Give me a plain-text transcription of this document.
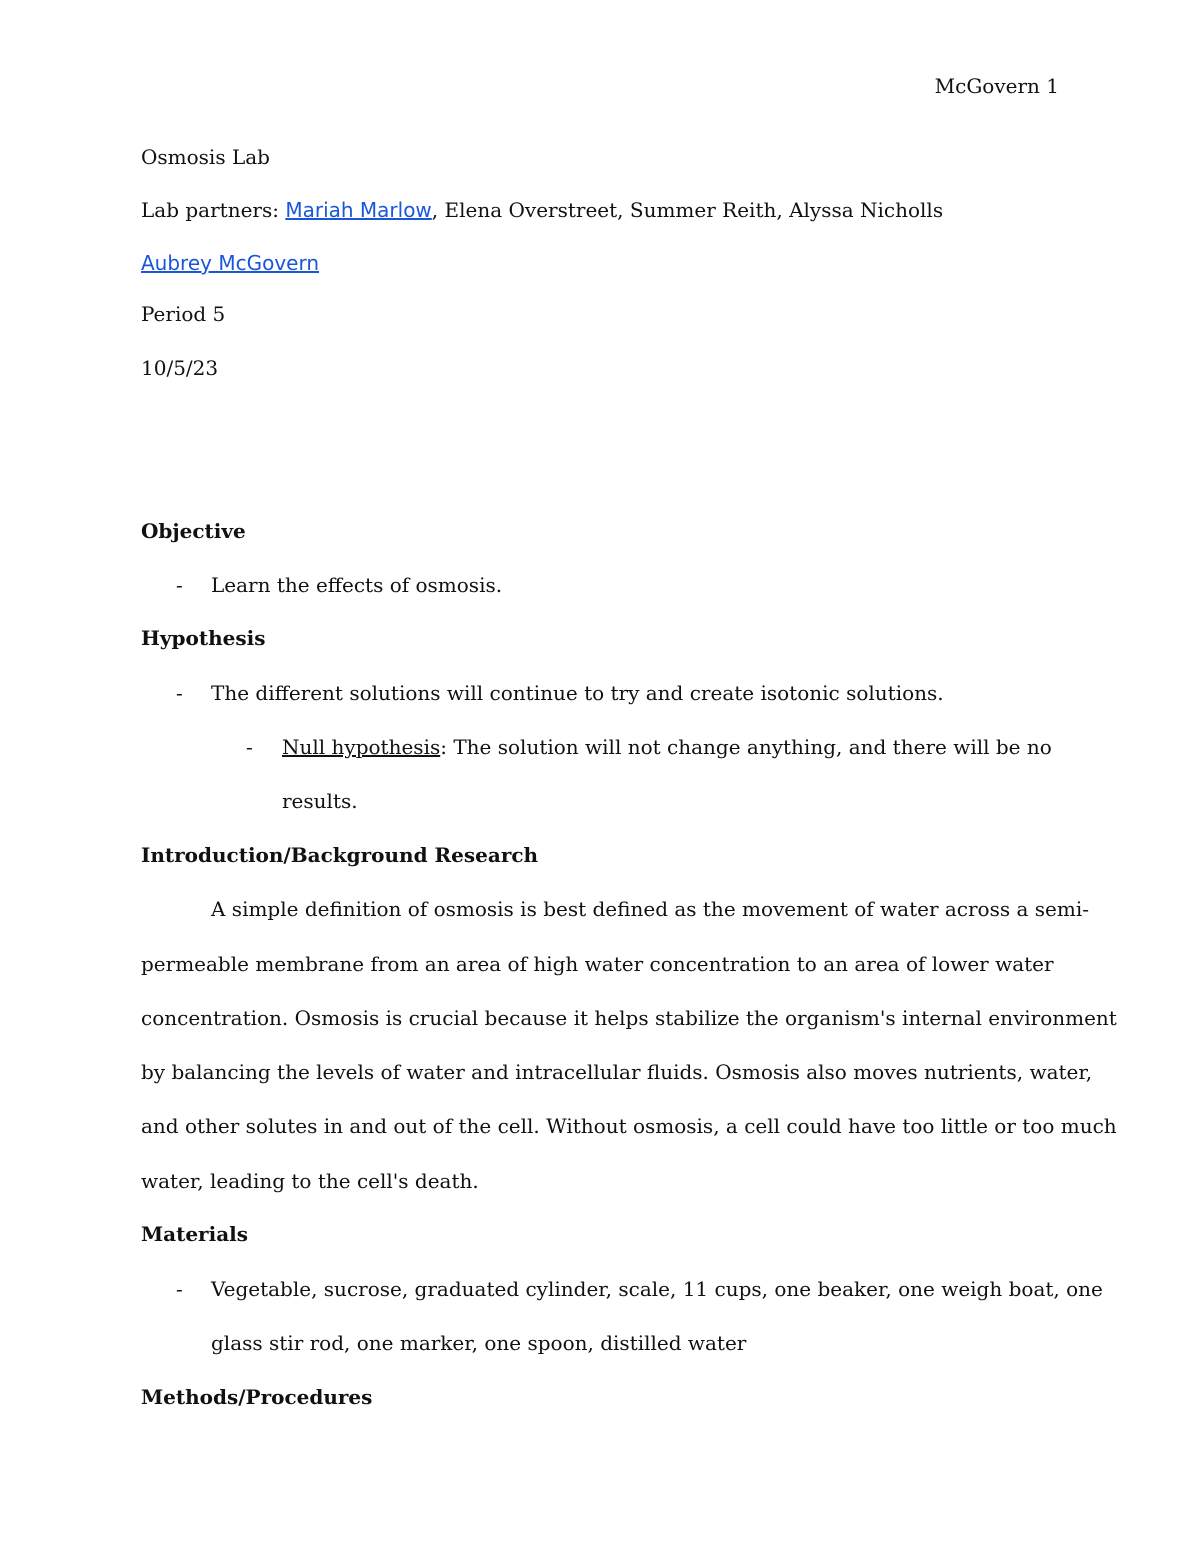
McGovern 1
Osmosis Lab
Lab partners: Mariah Marlow, Elena Overstreet, Summer Reith, Alyssa Nicholls
Aubrey McGovern
Period 5
10/5/23
Objective
- Learn the effects of osmosis.
Hypothesis
- The different solutions will continue to try and create isotonic solutions.
- Null hypothesis: The solution will not change anything, and there will be no
results.
Introduction/Background Research
A simple definition of osmosis is best defined as the movement of water across a semi-
permeable membrane from an area of high water concentration to an area of lower water
concentration. Osmosis is crucial because it helps stabilize the organism's internal environment
by balancing the levels of water and intracellular fluids. Osmosis also moves nutrients, water,
and other solutes in and out of the cell. Without osmosis, a cell could have too little or too much
water, leading to the cell's death.
Materials
- Vegetable, sucrose, graduated cylinder, scale, 11 cups, one beaker, one weigh boat, one
glass stir rod, one marker, one spoon, distilled water
Methods/Procedures
